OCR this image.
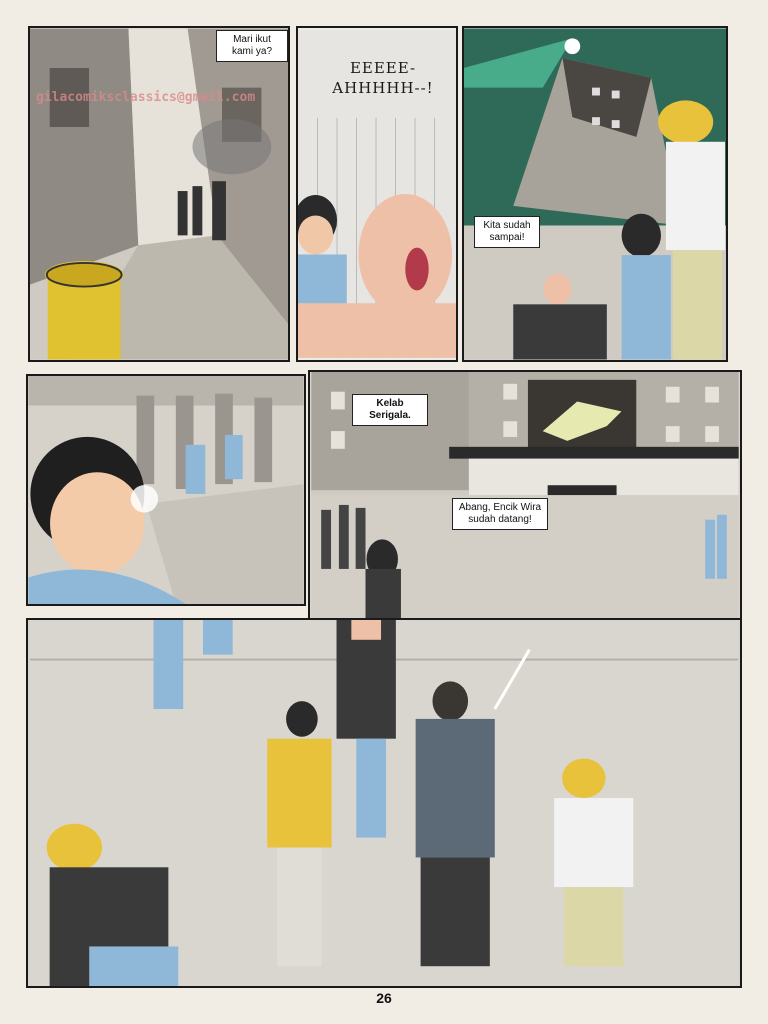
gilacomiksclassics@gmail.com
Mari ikut kami ya?
EEEEE- AHHHHH--!
Kita sudah sampai!
Kelab Serigala.
Abang, Encik Wira sudah datang!
26
